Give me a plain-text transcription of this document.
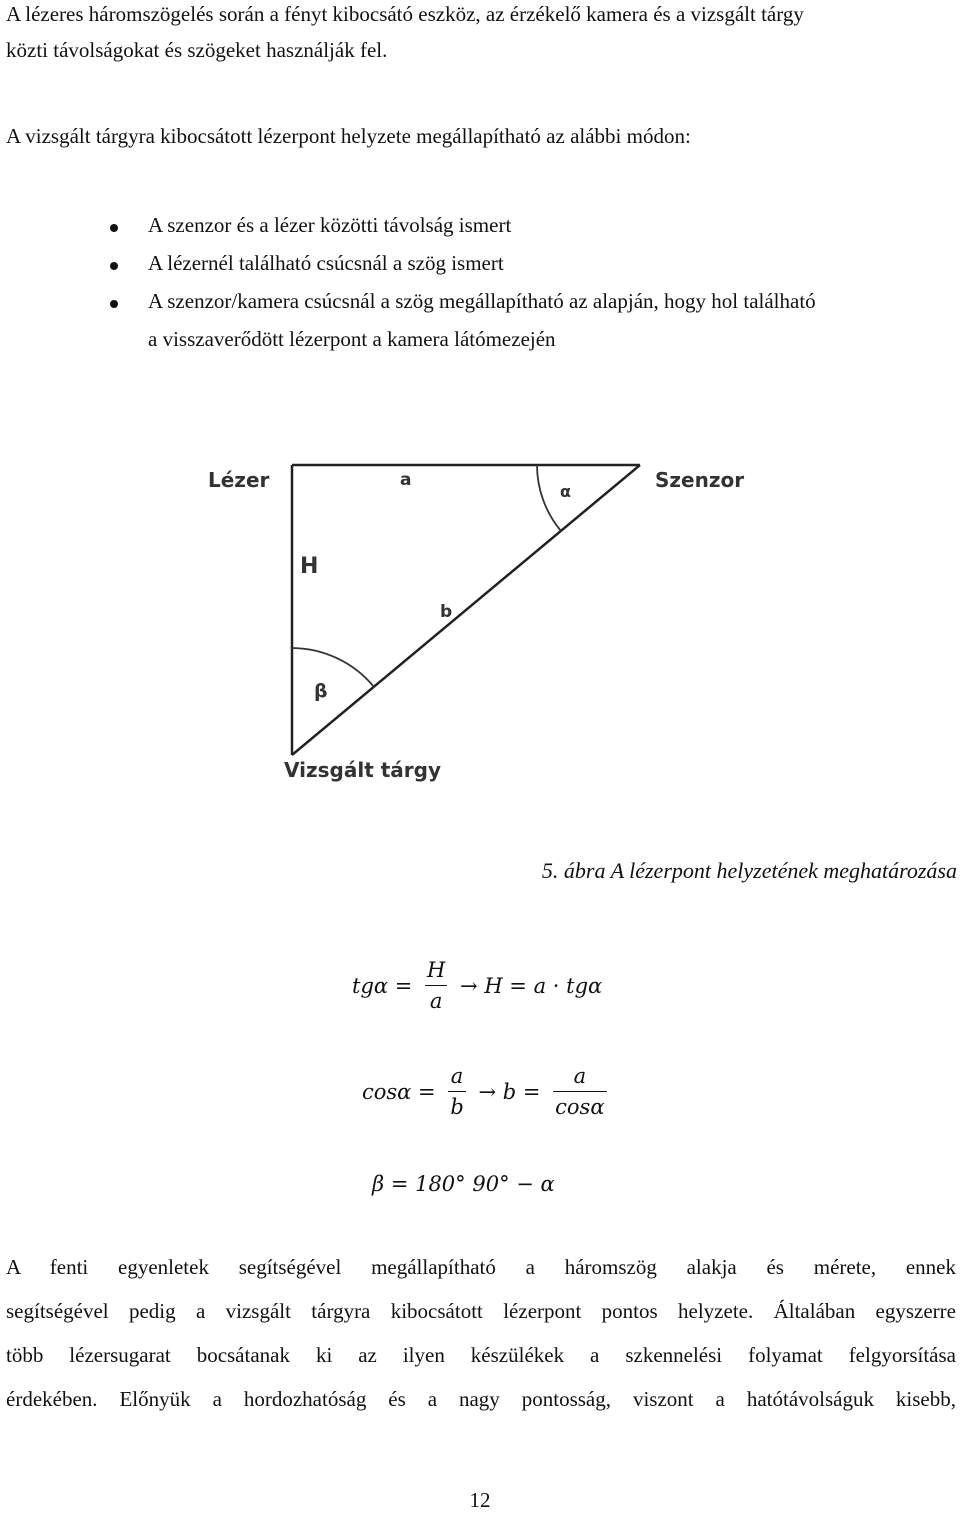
A lézeres háromszögelés során a fényt kibocsátó eszköz, az érzékelő kamera és a vizsgált tárgy
közti távolságokat és szögeket használják fel.
A vizsgált tárgyra kibocsátott lézerpont helyzete megállapítható az alábbi módon:
A szenzor és a lézer közötti távolság ismert
A lézernél található csúcsnál a szög ismert
A szenzor/kamera csúcsnál a szög megállapítható az alapján, hogy hol található
a visszaverődött lézerpont a kamera látómezején
Lézer	Szenzor
Vizsgált tárgy
a
b
H
α
β
5. ábra A lézerpont helyzetének meghatározása
$tg\alpha = \frac{H}{a} \to H = a \cdot tg\alpha$
$\cos\alpha = \frac{a}{b} \to b = \frac{a}{\cos\alpha}$
β = 180° 90° − α
A fenti egyenletek segítségével megállapítható a háromszög alakja és mérete, ennek
segítségével pedig a vizsgált tárgyra kibocsátott lézerpont pontos helyzete. Általában egyszerre
több lézersugarat bocsátanak ki az ilyen készülékek a szkennelési folyamat felgyorsítása
érdekében. Előnyük a hordozhatóság és a nagy pontosság, viszont a hatótávolságuk kisebb,
12
